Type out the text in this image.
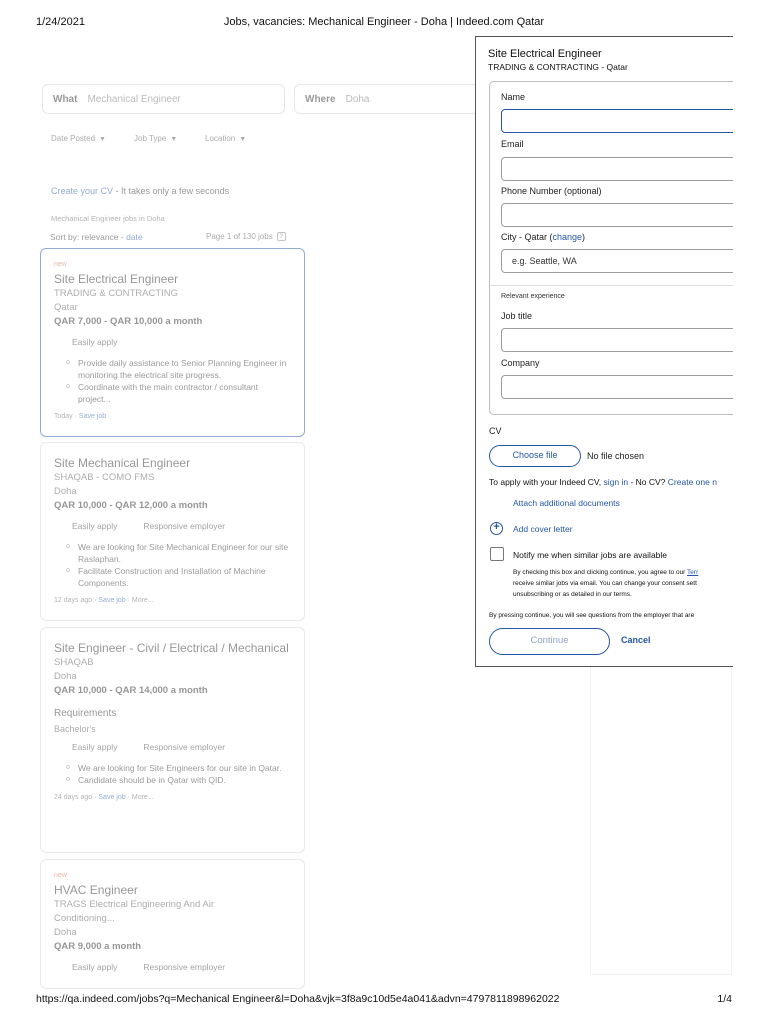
1/24/2021	Jobs, vacancies: Mechanical Engineer - Doha | Indeed.com Qatar
What Mechanical Engineer	Where Doha
Date Posted ▼	Job Type ▼	Location ▼
Create your CV - It takes only a few seconds
Mechanical Engineer jobs in Doha
Sort by: relevance - date	Page 1 of 130 jobs ?
new
Site Electrical Engineer
TRADING & CONTRACTING
Qatar
QAR 7,000 - QAR 10,000 a month
Easily apply
o Provide daily assistance to Senior Planning Engineer in monitoring the electrical site progress.
o Coordinate with the main contractor / consultant project...
Today · Save job
Site Mechanical Engineer
SHAQAB - COMO FMS
Doha
QAR 10,000 - QAR 12,000 a month
Easily apply	Responsive employer
o We are looking for Site Mechanical Engineer for our site Raslaphan.
o Facilitate Construction and Installation of Machine Components.
12 days ago · Save job · More...
Site Engineer - Civil / Electrical / Mechanical
SHAQAB
Doha
QAR 10,000 - QAR 14,000 a month
Requirements
Bachelor's
Easily apply	Responsive employer
o We are looking for Site Engineers for our site in Qatar.
o Candidate should be in Qatar with QID.
24 days ago · Save job · More...
new
HVAC Engineer
TRAGS Electrical Engineering And Air Conditioning...
Doha
QAR 9,000 a month
Easily apply	Responsive employer
Site Electrical Engineer
TRADING & CONTRACTING - Qatar
Name
Email
Phone Number (optional)
City - Qatar (change)
e.g. Seattle, WA
Relevant experience
Job title
Company
CV
Choose file	No file chosen
To apply with your Indeed CV, sign in - No CV? Create one n
Attach additional documents
+	Add cover letter
Notify me when similar jobs are available
By checking this box and clicking continue, you agree to our Terr
receive similar jobs via email. You can change your consent sett
unsubscribing or as detailed in our terms.
By pressing continue, you will see questions from the employer that are
Continue	Cancel
https://qa.indeed.com/jobs?q=Mechanical Engineer&l=Doha&vjk=3f8a9c10d5e4a041&advn=4797811898962022	1/4
